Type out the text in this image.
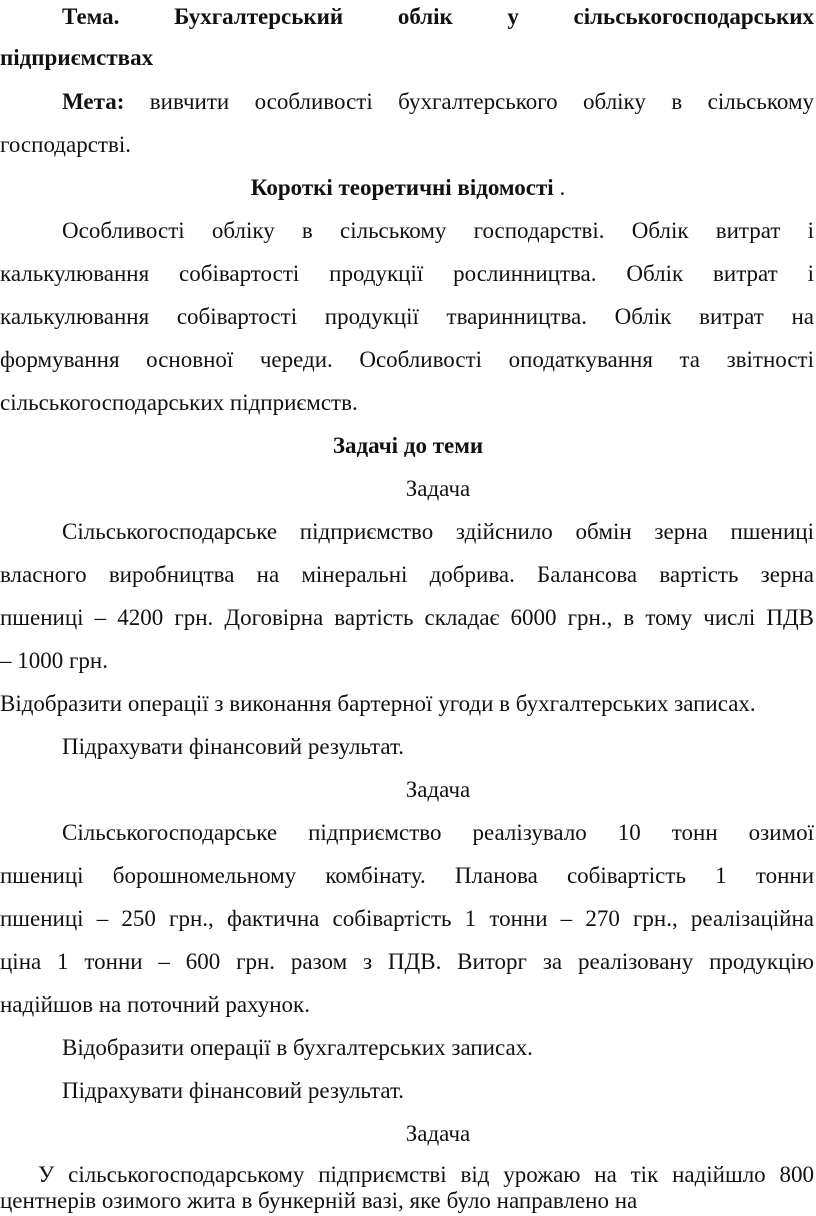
Тема. Бухгалтерський облік у сільськогосподарських
підприємствах
Мета: вивчити особливості бухгалтерського обліку в сільському
господарстві.
Короткі теоретичні відомості .
Особливості обліку в сільському господарстві. Облік витрат і
калькулювання собівартості продукції рослинництва. Облік витрат і
калькулювання собівартості продукції тваринництва. Облік витрат на
формування основної череди. Особливості оподаткування та звітності
сільськогосподарських підприємств.
Задачі до теми
Задача
Сільськогосподарське підприємство здійснило обмін зерна пшениці
власного виробництва на мінеральні добрива. Балансова вартість зерна
пшениці – 4200 грн. Договірна вартість складає 6000 грн., в тому числі ПДВ
– 1000 грн.
Відобразити операції з виконання бартерної угоди в бухгалтерських записах.
Підрахувати фінансовий результат.
Задача
Сільськогосподарське підприємство реалізувало 10 тонн озимої
пшениці борошномельному комбінату. Планова собівартість 1 тонни
пшениці – 250 грн., фактична собівартість 1 тонни – 270 грн., реалізаційна
ціна 1 тонни – 600 грн. разом з ПДВ. Виторг за реалізовану продукцію
надійшов на поточний рахунок.
Відобразити операції в бухгалтерських записах.
Підрахувати фінансовий результат.
Задача
У сільськогосподарському підприємстві від урожаю на тік надійшло 800
центнерів озимого жита в бункерній вазі, яке було направлено на
